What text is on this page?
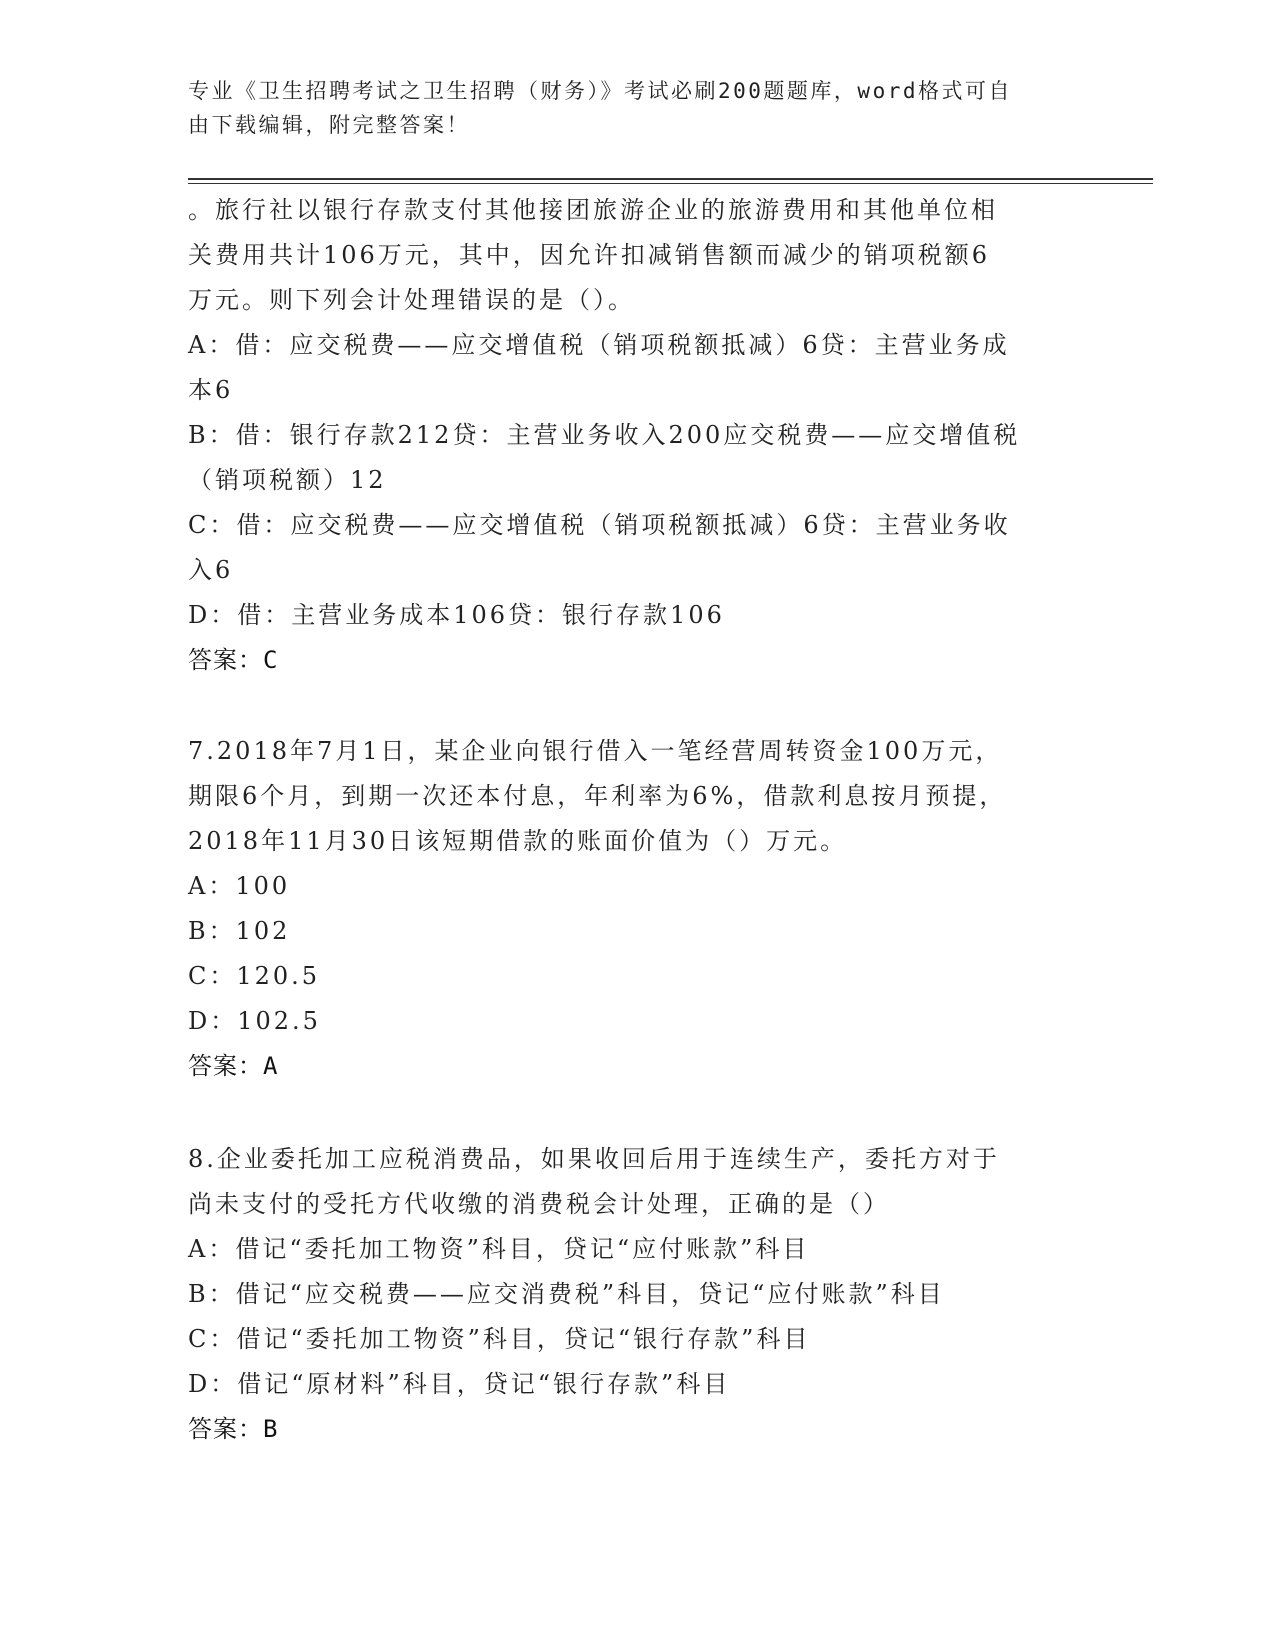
专业《卫生招聘考试之卫生招聘（财务）》考试必刷200题题库，word格式可自
由下载编辑，附完整答案！
。旅行社以银行存款支付其他接团旅游企业的旅游费用和其他单位相
关费用共计106万元，其中，因允许扣减销售额而减少的销项税额6
万元。则下列会计处理错误的是（）。
A：借：应交税费——应交增值税（销项税额抵减）6贷：主营业务成
本6
B：借：银行存款212贷：主营业务收入200应交税费——应交增值税
（销项税额）12
C：借：应交税费——应交增值税（销项税额抵减）6贷：主营业务收
入6
D：借：主营业务成本106贷：银行存款106
答案：C
7.2018年7月1日，某企业向银行借入一笔经营周转资金100万元，
期限6个月，到期一次还本付息，年利率为6%，借款利息按月预提，
2018年11月30日该短期借款的账面价值为（）万元。
A：100
B：102
C：120.5
D：102.5
答案：A
8.企业委托加工应税消费品，如果收回后用于连续生产，委托方对于
尚未支付的受托方代收缴的消费税会计处理，正确的是（）
A：借记“委托加工物资”科目，贷记“应付账款”科目
B：借记“应交税费——应交消费税”科目，贷记“应付账款”科目
C：借记“委托加工物资”科目，贷记“银行存款”科目
D：借记“原材料”科目，贷记“银行存款”科目
答案：B
